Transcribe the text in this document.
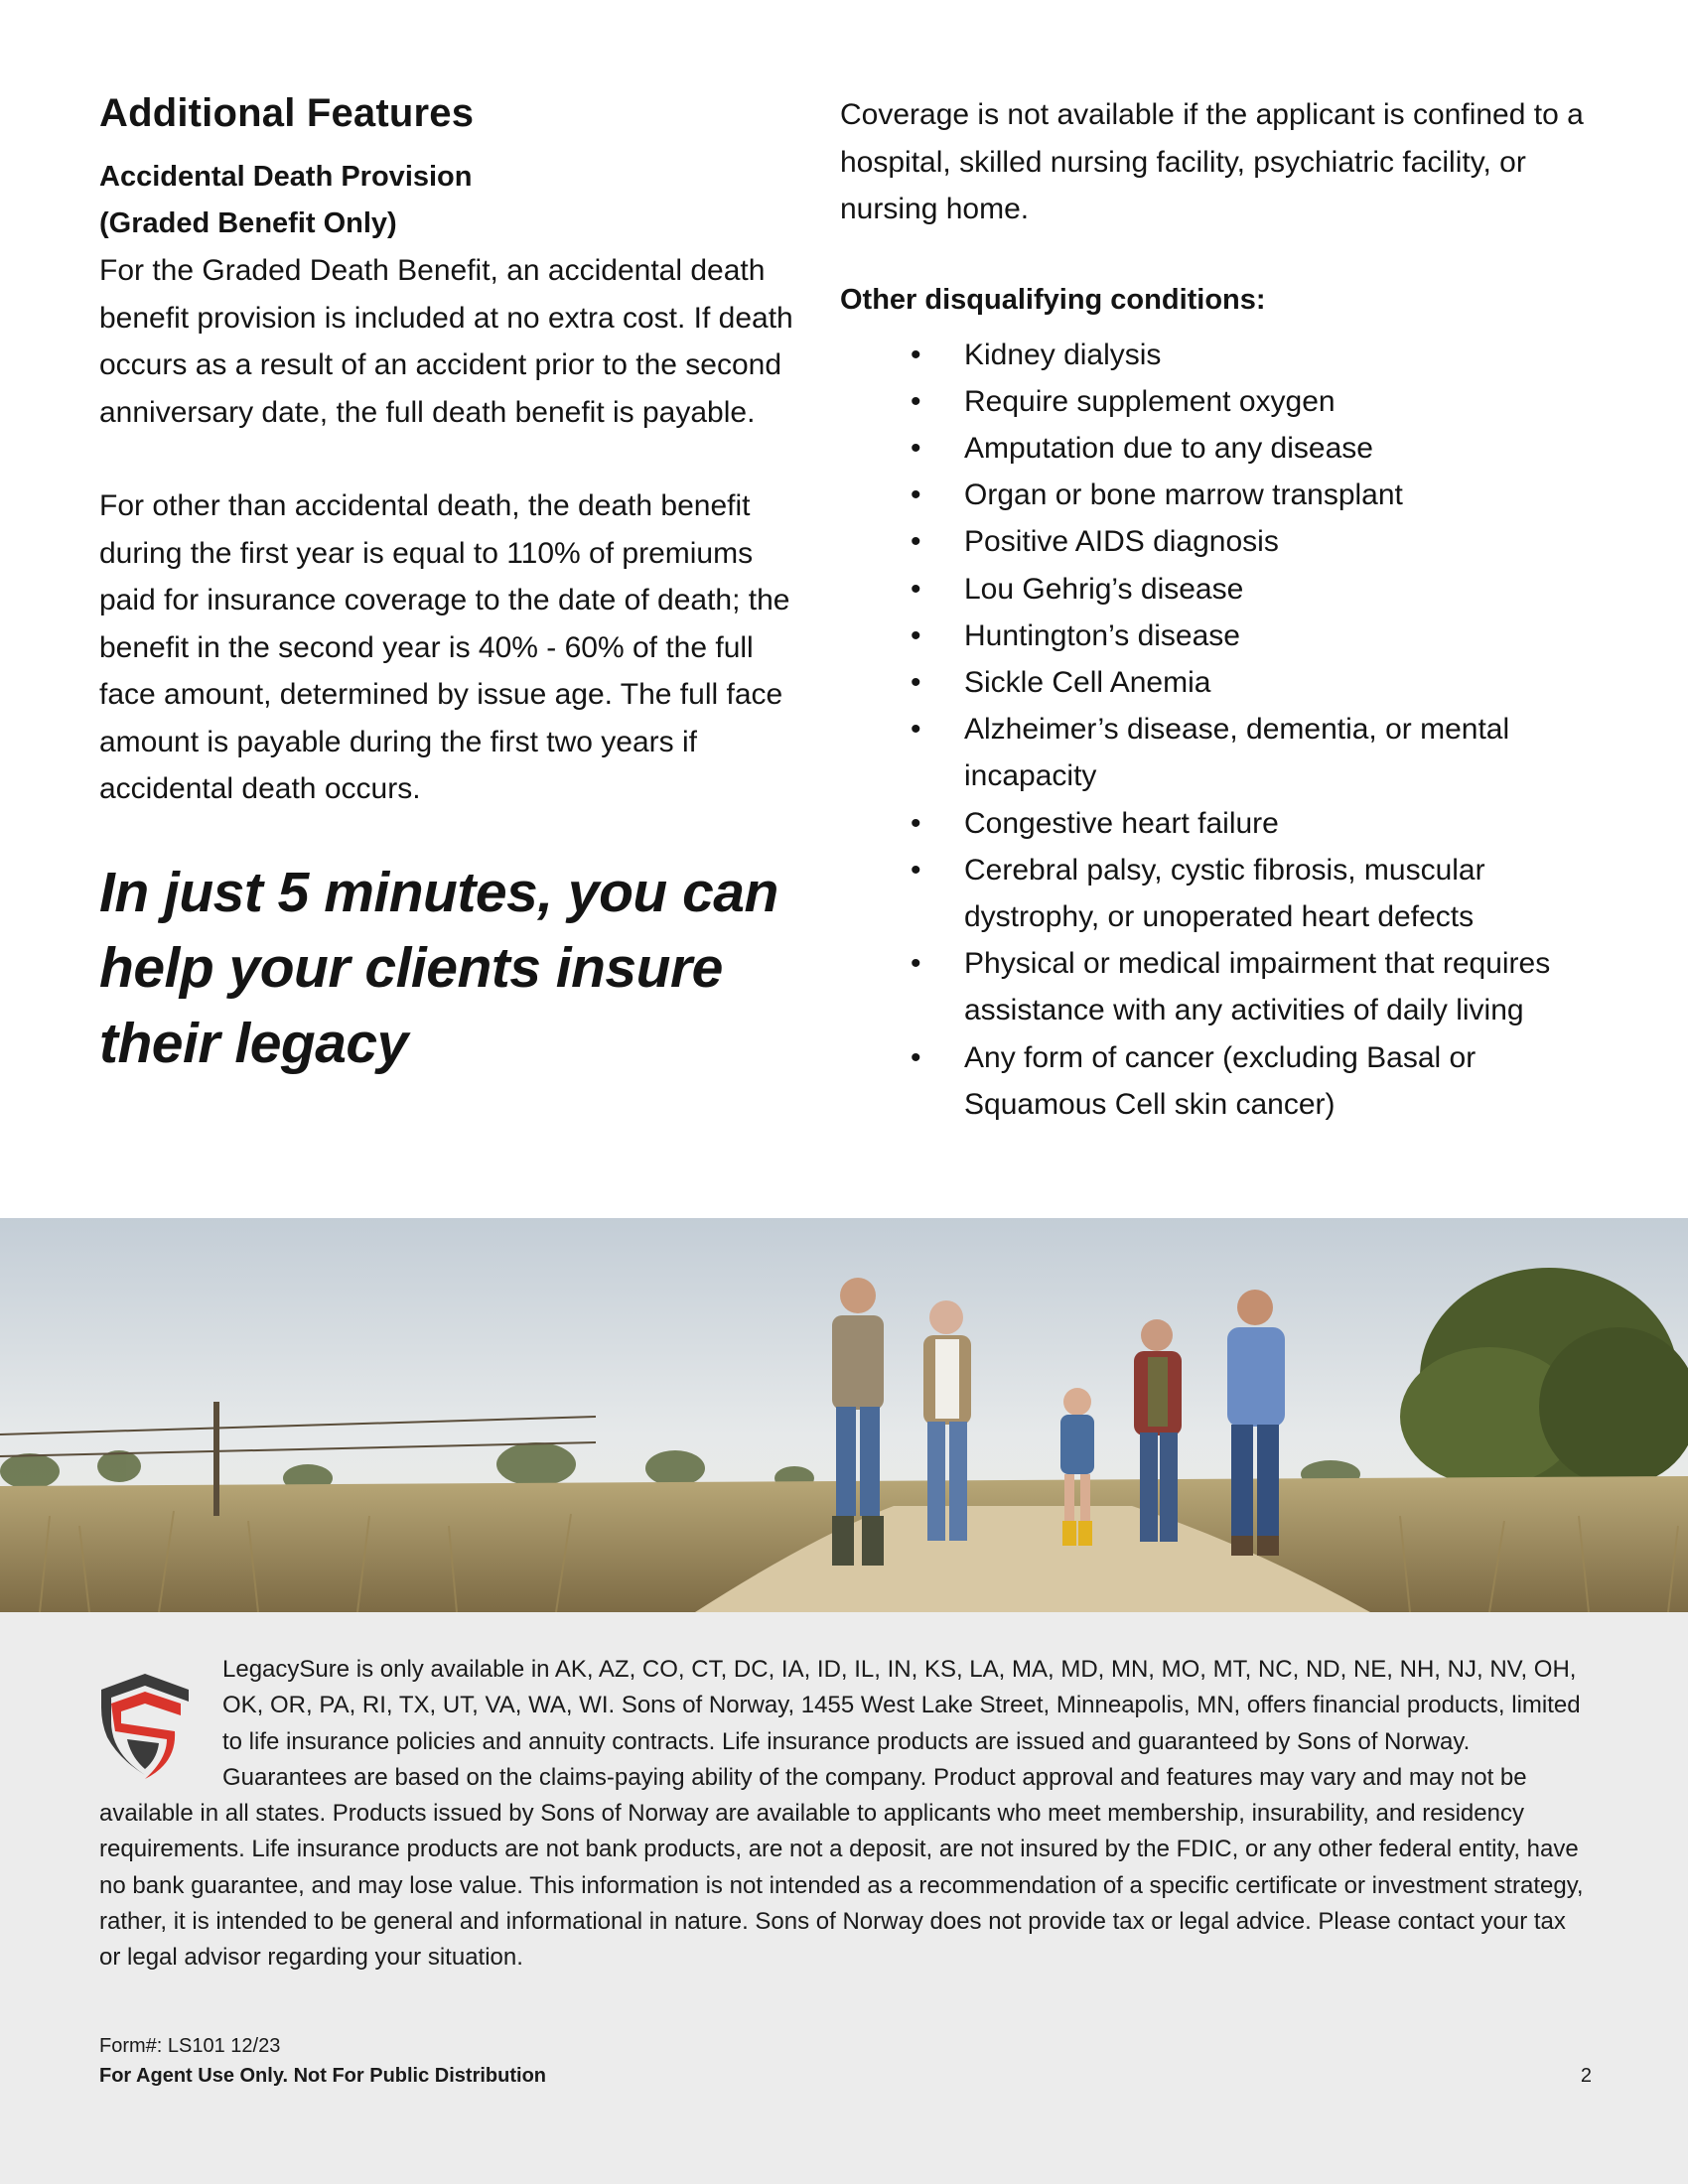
Additional Features

Accidental Death Provision

(Graded Benefit Only)

For the Graded Death Benefit, an accidental death benefit provision is included at no extra cost. If death occurs as a result of an accident prior to the second anniversary date, the full death benefit is payable.

For other than accidental death, the death benefit during the first year is equal to 110% of premiums paid for insurance coverage to the date of death; the benefit in the second year is 40% - 60% of the full face amount, determined by issue age. The full face amount is payable during the first two years if accidental death occurs.

In just 5 minutes, you can help your clients insure their legacy

Coverage is not available if the applicant is confined to a hospital, skilled nursing facility, psychiatric facility, or nursing home.

Other disqualifying conditions:

• Kidney dialysis
• Require supplement oxygen
• Amputation due to any disease
• Organ or bone marrow transplant
• Positive AIDS diagnosis
• Lou Gehrig’s disease
• Huntington’s disease
• Sickle Cell Anemia
• Alzheimer’s disease, dementia, or mental incapacity
• Congestive heart failure
• Cerebral palsy, cystic fibrosis, muscular dystrophy, or unoperated heart defects
• Physical or medical impairment that requires assistance with any activities of daily living
• Any form of cancer (excluding Basal or Squamous Cell skin cancer)

LegacySure is only available in AK, AZ, CO, CT, DC, IA, ID, IL, IN, KS, LA, MA, MD, MN, MO, MT, NC, ND, NE, NH, NJ, NV, OH, OK, OR, PA, RI, TX, UT, VA, WA, WI. Sons of Norway, 1455 West Lake Street, Minneapolis, MN, offers financial products, limited to life insurance policies and annuity contracts. Life insurance products are issued and guaranteed by Sons of Norway. Guarantees are based on the claims-paying ability of the company. Product approval and features may vary and may not be available in all states. Products issued by Sons of Norway are available to applicants who meet membership, insurability, and residency requirements. Life insurance products are not bank products, are not a deposit, are not insured by the FDIC, or any other federal entity, have no bank guarantee, and may lose value. This information is not intended as a recommendation of a specific certificate or investment strategy, rather, it is intended to be general and informational in nature. Sons of Norway does not provide tax or legal advice. Please contact your tax or legal advisor regarding your situation.

Form#: LS101 12/23
For Agent Use Only. Not For Public Distribution	2
